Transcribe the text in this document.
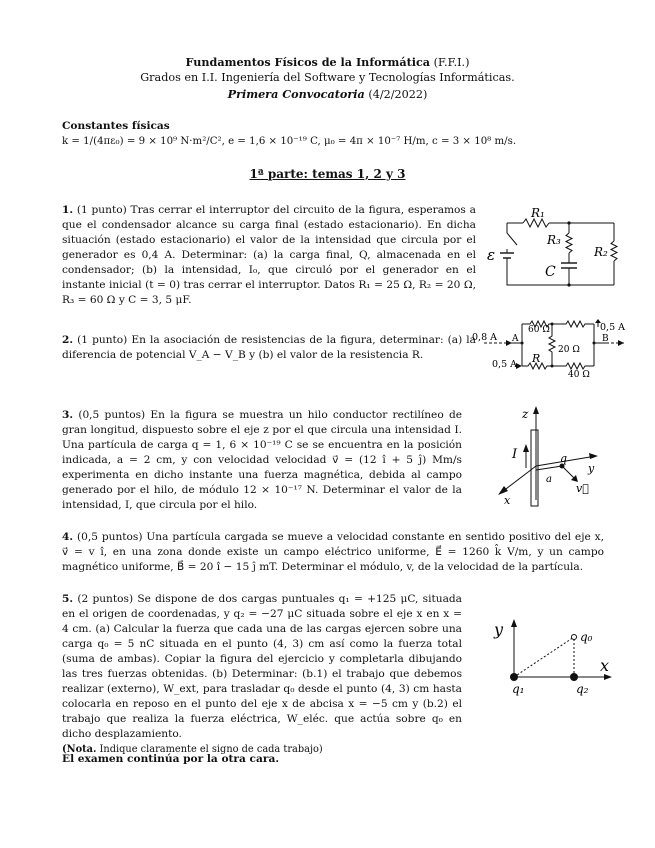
Fundamentos Físicos de la Informática (F.F.I.)
Grados en I.I. Ingeniería del Software y Tecnologías Informáticas.
Primera Convocatoria (4/2/2022)
Constantes físicas
k = 1/(4πε₀) = 9 × 10⁹ N·m²/C², e = 1,6 × 10⁻¹⁹ C, μ₀ = 4π × 10⁻⁷ H/m, c = 3 × 10⁸ m/s.
1ª parte: temas 1, 2 y 3
1. (1 punto) Tras cerrar el interruptor del circuito de la figura, esperamos a que el condensador alcance su carga final (estado estacionario). En dicha situación (estado estacionario) el valor de la intensidad que circula por el generador es 0,4 A. Determinar: (a) la carga final, Q, almacenada en el condensador; (b) la intensidad, I₀, que circuló por el generador en el instante inicial (t = 0) tras cerrar el interruptor. Datos R₁ = 25 Ω, R₂ = 20 Ω, R₃ = 60 Ω y C = 3, 5 μF.
R₁
R₃
R₂
C
ε
2. (1 punto) En la asociación de resistencias de la figura, determinar: (a) la diferencia de potencial V_A − V_B y (b) el valor de la resistencia R.
0,8 A A
0,5 A
B
0,5 A
60 Ω
20 Ω
R
40 Ω
3. (0,5 puntos) En la figura se muestra un hilo conductor rectilíneo de gran longitud, dispuesto sobre el eje z por el que circula una intensidad I. Una partícula de carga q = 1, 6 × 10⁻¹⁹ C se se encuentra en la posición indicada, a = 2 cm, y con velocidad velocidad v⃗ = (12 î + 5 ĵ) Mm/s experimenta en dicho instante una fuerza magnética, debida al campo generado por el hilo, de módulo 12 × 10⁻¹⁷ N. Determinar el valor de la intensidad, I, que circula por el hilo.
z
I	q
y
a
v⃗
x
4. (0,5 puntos) Una partícula cargada se mueve a velocidad constante en sentido positivo del eje x, v⃗ = v î, en una zona donde existe un campo eléctrico uniforme, E⃗ = 1260 k̂ V/m, y un campo magnético uniforme, B⃗ = 20 î − 15 ĵ mT. Determinar el módulo, v, de la velocidad de la partícula.
5. (2 puntos) Se dispone de dos cargas puntuales q₁ = +125 μC, situada en el origen de coordenadas, y q₂ = −27 μC situada sobre el eje x en x = 4 cm. (a) Calcular la fuerza que cada una de las cargas ejercen sobre una carga q₀ = 5 nC situada en el punto (4, 3) cm así como la fuerza total (suma de ambas). Copiar la figura del ejercicio y completarla dibujando las tres fuerzas obtenidas. (b) Determinar: (b.1) el trabajo que debemos realizar (externo), W_ext, para trasladar q₀ desde el punto (4, 3) cm hasta colocarla en reposo en el punto del eje x de abcisa x = −5 cm y (b.2) el trabajo que realiza la fuerza eléctrica, W_eléc. que actúa sobre q₀ en dicho desplazamiento.
(Nota. Indique claramente el signo de cada trabajo)
y
x
q₀
q₁	q₂
El examen continúa por la otra cara.
